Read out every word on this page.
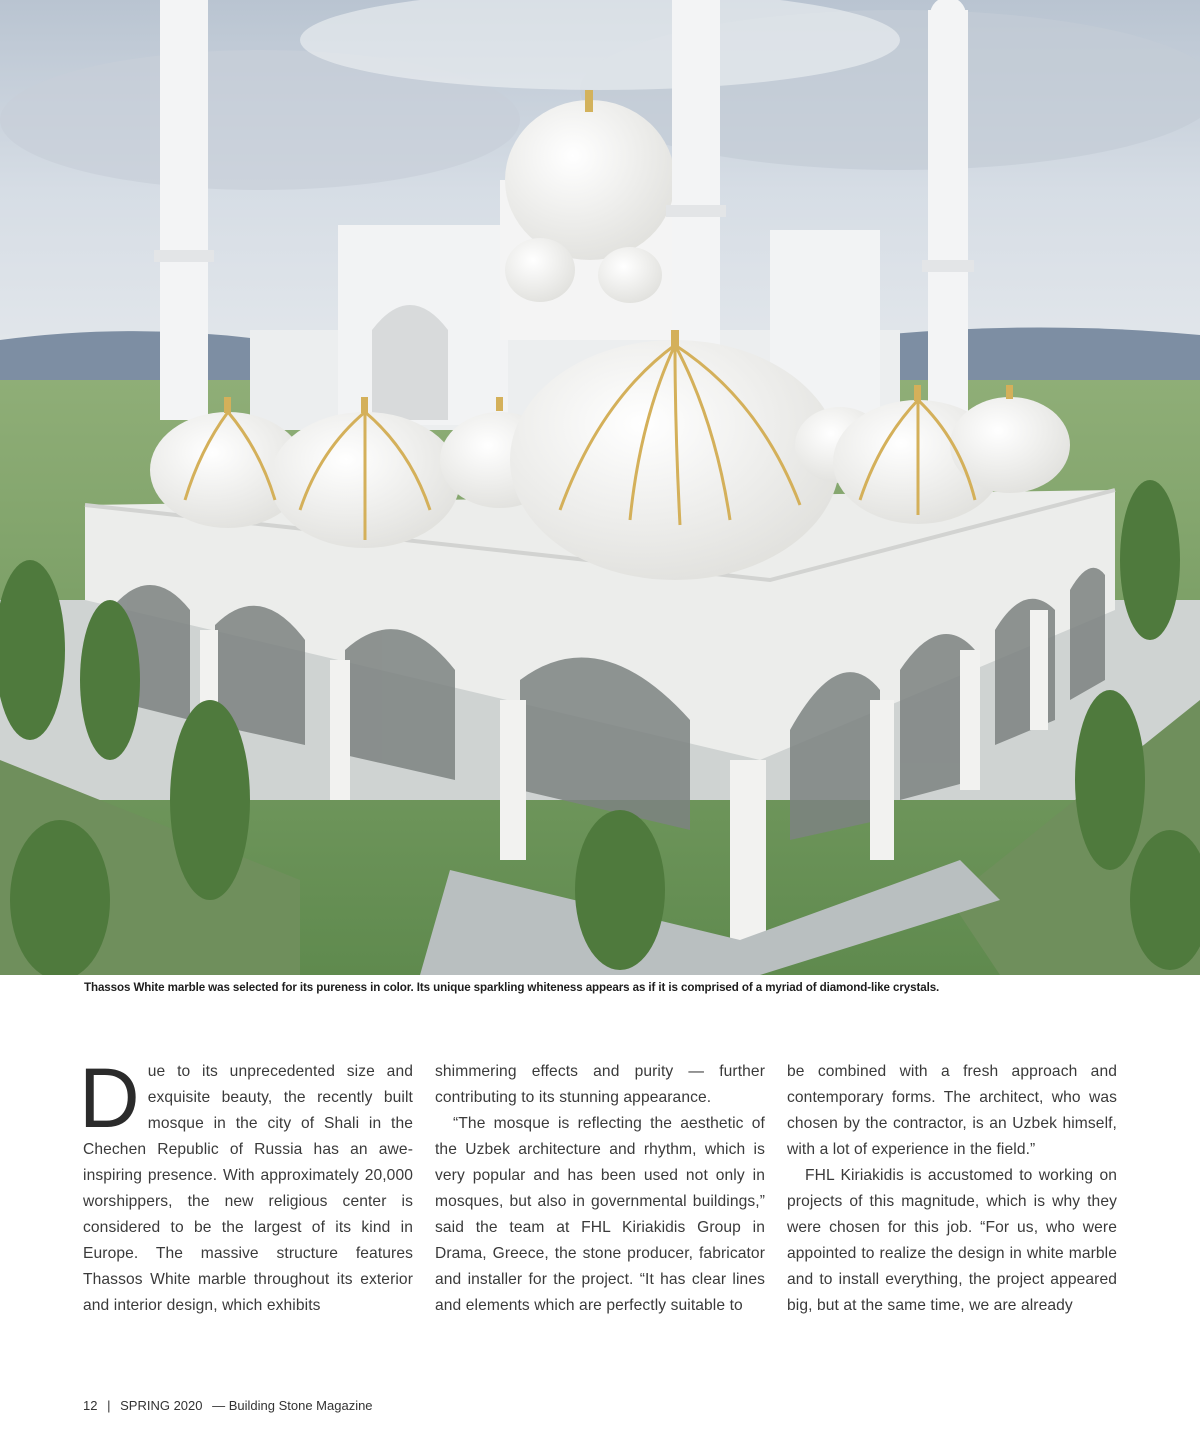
Thassos White marble was selected for its pureness in color. Its unique sparkling whiteness appears as if it is comprised of a myriad of diamond-like crystals.

Due to its unprecedented size and exquisite beauty, the recently built mosque in the city of Shali in the Chechen Republic of Russia has an awe-inspiring presence. With approximately 20,000 worshippers, the new religious center is considered to be the largest of its kind in Europe. The massive structure features Thassos White marble throughout its exterior and interior design, which exhibits

shimmering effects and purity — further contributing to its stunning appearance.

“The mosque is reflecting the aesthetic of the Uzbek architecture and rhythm, which is very popular and has been used not only in mosques, but also in governmental buildings,” said the team at FHL Kiriakidis Group in Drama, Greece, the stone producer, fabricator and installer for the project. “It has clear lines and elements which are perfectly suitable to

be combined with a fresh approach and contemporary forms. The architect, who was chosen by the contractor, is an Uzbek himself, with a lot of experience in the field.”

FHL Kiriakidis is accustomed to working on projects of this magnitude, which is why they were chosen for this job. “For us, who were appointed to realize the design in white marble and to install everything, the project appeared big, but at the same time, we are already

12 | SPRING 2020 — Building Stone Magazine
